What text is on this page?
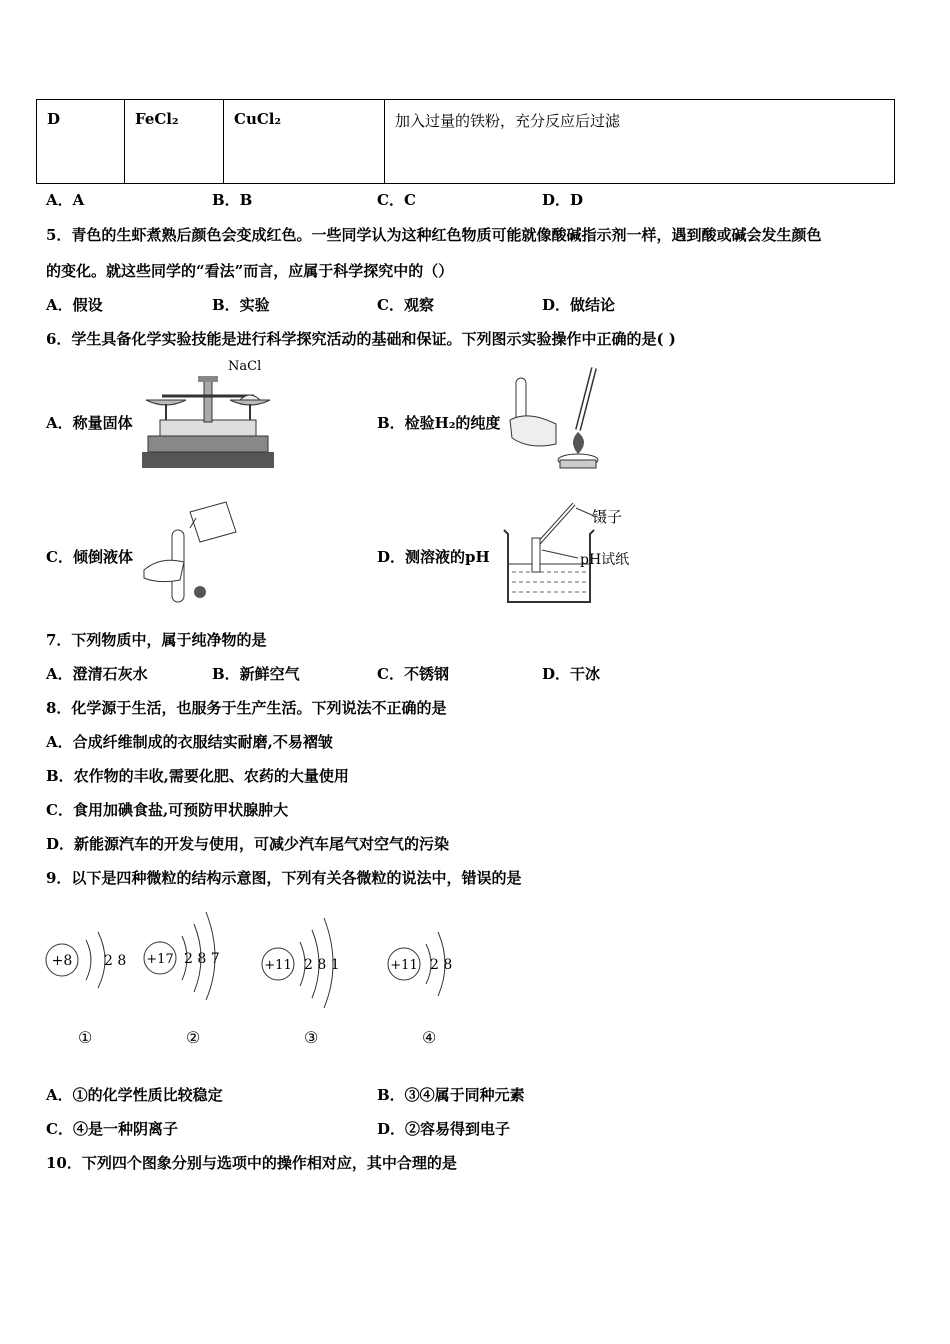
D	FeCl₂	CuCl₂	加入过量的铁粉，充分反应后过滤
A．A	B．B	C．C	D．D
5．青色的生虾煮熟后颜色会变成红色。一些同学认为这种红色物质可能就像酸碱指示剂一样，遇到酸或碱会发生颜色
的变化。就这些同学的“看法”而言，应属于科学探究中的（）
A．假设	B．实验	C．观察	D．做结论
6．学生具备化学实验技能是进行科学探究活动的基础和保证。下列图示实验操作中正确的是( )
A．称量固体	B．检验H₂的纯度
C．倾倒液体	D．测溶液的pH
NaCl
镊子
pH试纸
7．下列物质中，属于纯净物的是
A．澄清石灰水	B．新鲜空气	C．不锈钢	D．干冰
8．化学源于生活，也服务于生产生活。下列说法不正确的是
A．合成纤维制成的衣服结实耐磨,不易褶皱
B．农作物的丰收,需要化肥、农药的大量使用
C．食用加碘食盐,可预防甲状腺肿大
D．新能源汽车的开发与使用，可减少汽车尾气对空气的污染
9．以下是四种微粒的结构示意图，下列有关各微粒的说法中，错误的是
+8 2 8 +17 2 8 7	+11 2 8 1	+11 2 8
①	②	③	④
A．①的化学性质比较稳定	B．③④属于同种元素
C．④是一种阴离子	D．②容易得到电子
10．下列四个图象分别与选项中的操作相对应，其中合理的是
